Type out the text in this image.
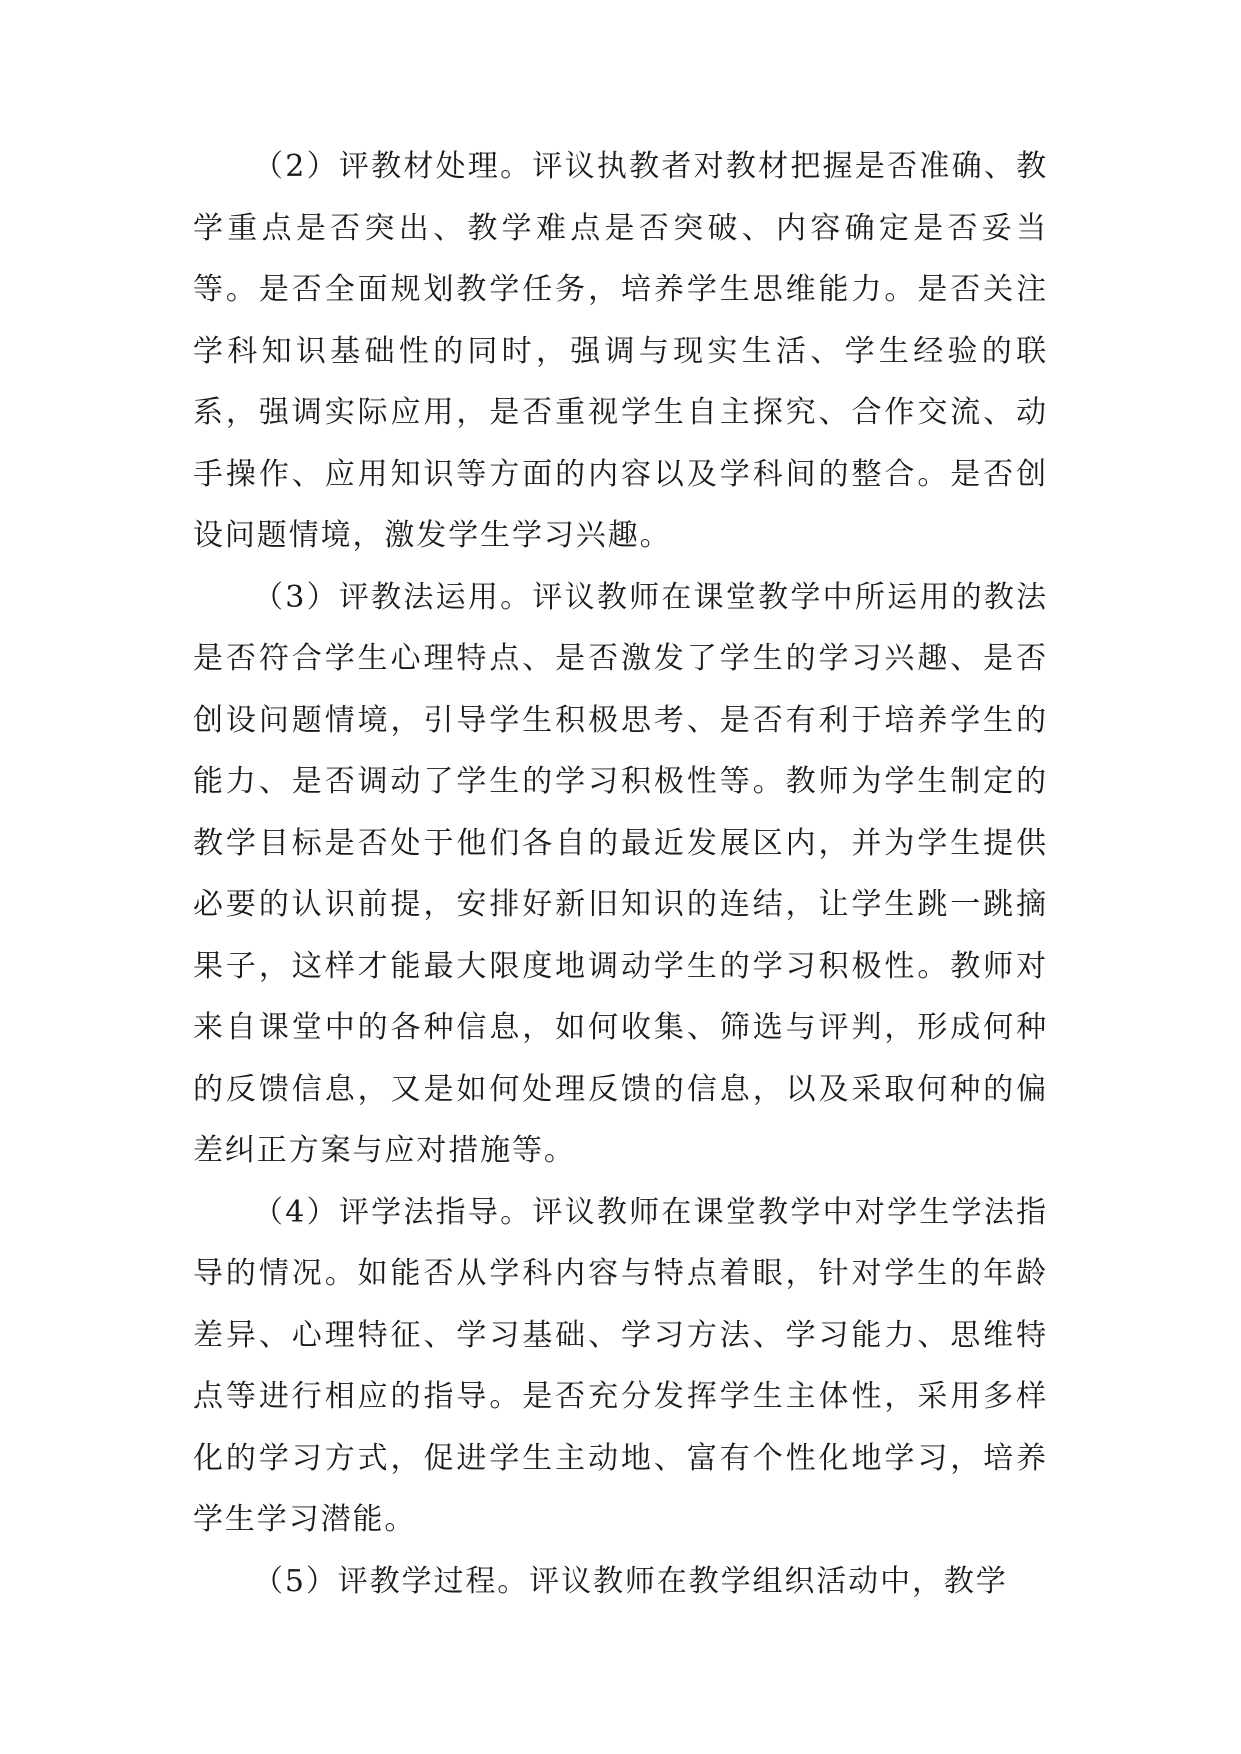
（2）评教材处理。评议执教者对教材把握是否准确、教学重点是否突出、教学难点是否突破、内容确定是否妥当等。是否全面规划教学任务，培养学生思维能力。是否关注学科知识基础性的同时，强调与现实生活、学生经验的联系，强调实际应用，是否重视学生自主探究、合作交流、动手操作、应用知识等方面的内容以及学科间的整合。是否创设问题情境，激发学生学习兴趣。

（3）评教法运用。评议教师在课堂教学中所运用的教法是否符合学生心理特点、是否激发了学生的学习兴趣、是否创设问题情境，引导学生积极思考、是否有利于培养学生的能力、是否调动了学生的学习积极性等。教师为学生制定的教学目标是否处于他们各自的最近发展区内，并为学生提供必要的认识前提，安排好新旧知识的连结，让学生跳一跳摘果子，这样才能最大限度地调动学生的学习积极性。教师对来自课堂中的各种信息，如何收集、筛选与评判，形成何种的反馈信息，又是如何处理反馈的信息，以及采取何种的偏差纠正方案与应对措施等。

（4）评学法指导。评议教师在课堂教学中对学生学法指导的情况。如能否从学科内容与特点着眼，针对学生的年龄差异、心理特征、学习基础、学习方法、学习能力、思维特点等进行相应的指导。是否充分发挥学生主体性，采用多样化的学习方式，促进学生主动地、富有个性化地学习，培养学生学习潜能。

（5）评教学过程。评议教师在教学组织活动中，教学
